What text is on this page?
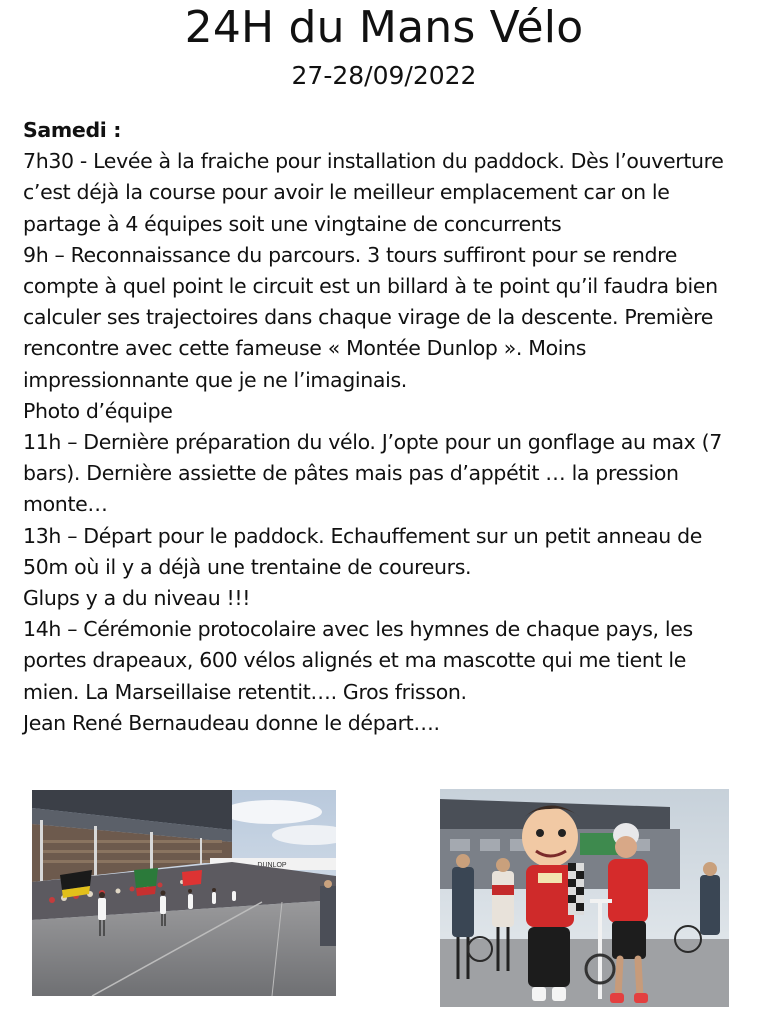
24H du Mans Vélo
27-28/09/2022
Samedi :
7h30 - Levée à la fraiche pour installation du paddock. Dès l’ouverture
c’est déjà la course pour avoir le meilleur emplacement car on le
partage à 4 équipes soit une vingtaine de concurrents
9h – Reconnaissance du parcours. 3 tours suffiront pour se rendre
compte à quel point le circuit est un billard à te point qu’il faudra bien
calculer ses trajectoires dans chaque virage de la descente. Première
rencontre avec cette fameuse « Montée Dunlop ». Moins
impressionnante que je ne l’imaginais.
Photo d’équipe
11h – Dernière préparation du vélo. J’opte pour un gonflage au max (7
bars). Dernière assiette de pâtes mais pas d’appétit … la pression
monte…
13h – Départ pour le paddock. Echauffement sur un petit anneau de
50m où il y a déjà une trentaine de coureurs.
Glups y a du niveau !!!
14h – Cérémonie protocolaire avec les hymnes de chaque pays, les
portes drapeaux, 600 vélos alignés et ma mascotte qui me tient le
mien. La Marseillaise retentit…. Gros frisson.
Jean René Bernaudeau donne le départ….
DUNLOP
